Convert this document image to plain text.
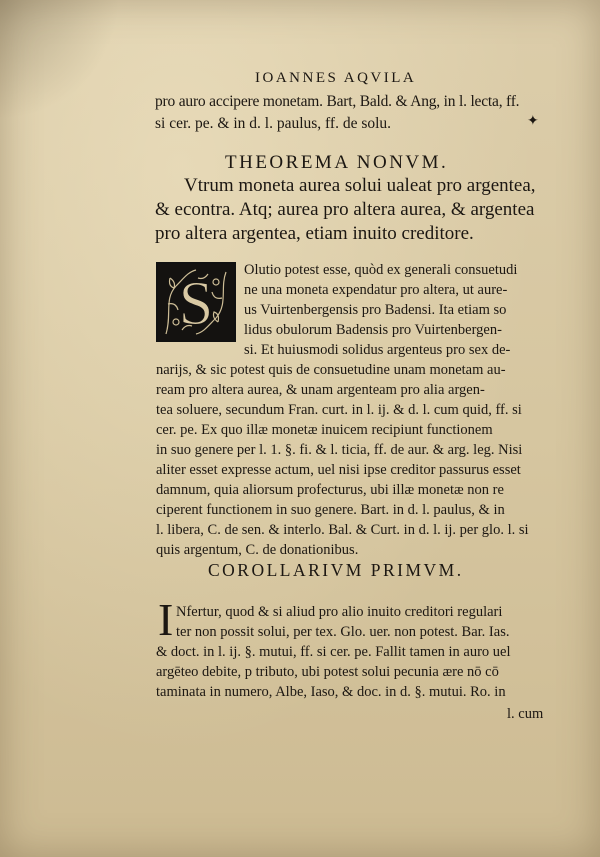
IOANNES AQVILA
pro auro accipere monetam. Bart, Bald. & Ang, in l. lecta, ff.
si cer. pe. & in d. l. paulus, ff. de solu.	✦
THEOREMA NONVM.
Vtrum moneta aurea solui ualeat pro argentea,
& econtra. Atq; aurea pro altera aurea, & argentea
pro altera argentea, etiam inuito creditore.
S Olutio potest esse, quòd ex generali consuetudi
ne una moneta expendatur pro altera, ut aure-
us Vuirtenbergensis pro Badensi. Ita etiam so
lidus obulorum Badensis pro Vuirtenbergen-
si. Et huiusmodi solidus argenteus pro sex de-
narijs, & sic potest quis de consuetudine unam monetam au-
ream pro altera aurea, & unam argenteam pro alia argen-
tea soluere, secundum Fran. curt. in l. ij. & d. l. cum quid, ff. si
cer. pe. Ex quo illæ monetæ inuicem recipiunt functionem
in suo genere per l. 1. §. fi. & l. ticia, ff. de aur. & arg. leg. Nisi
aliter esset expresse actum, uel nisi ipse creditor passurus esset
damnum, quia aliorsum profecturus, ubi illæ monetæ non re
ciperent functionem in suo genere. Bart. in d. l. paulus, & in
l. libera, C. de sen. & interlo. Bal. & Curt. in d. l. ij. per glo. l. si
quis argentum, C. de donationibus.
COROLLARIVM PRIMVM.
I Nfertur, quod & si aliud pro alio inuito creditori regulari
ter non possit solui, per tex. Glo. uer. non potest. Bar. Ias.
& doct. in l. ij. §. mutui, ff. si cer. pe. Fallit tamen in auro uel
argēteo debite, p tributo, ubi potest solui pecunia ære nō cō
taminata in numero, Albe, Iaso, & doc. in d. §. mutui. Ro. in
l. cum
